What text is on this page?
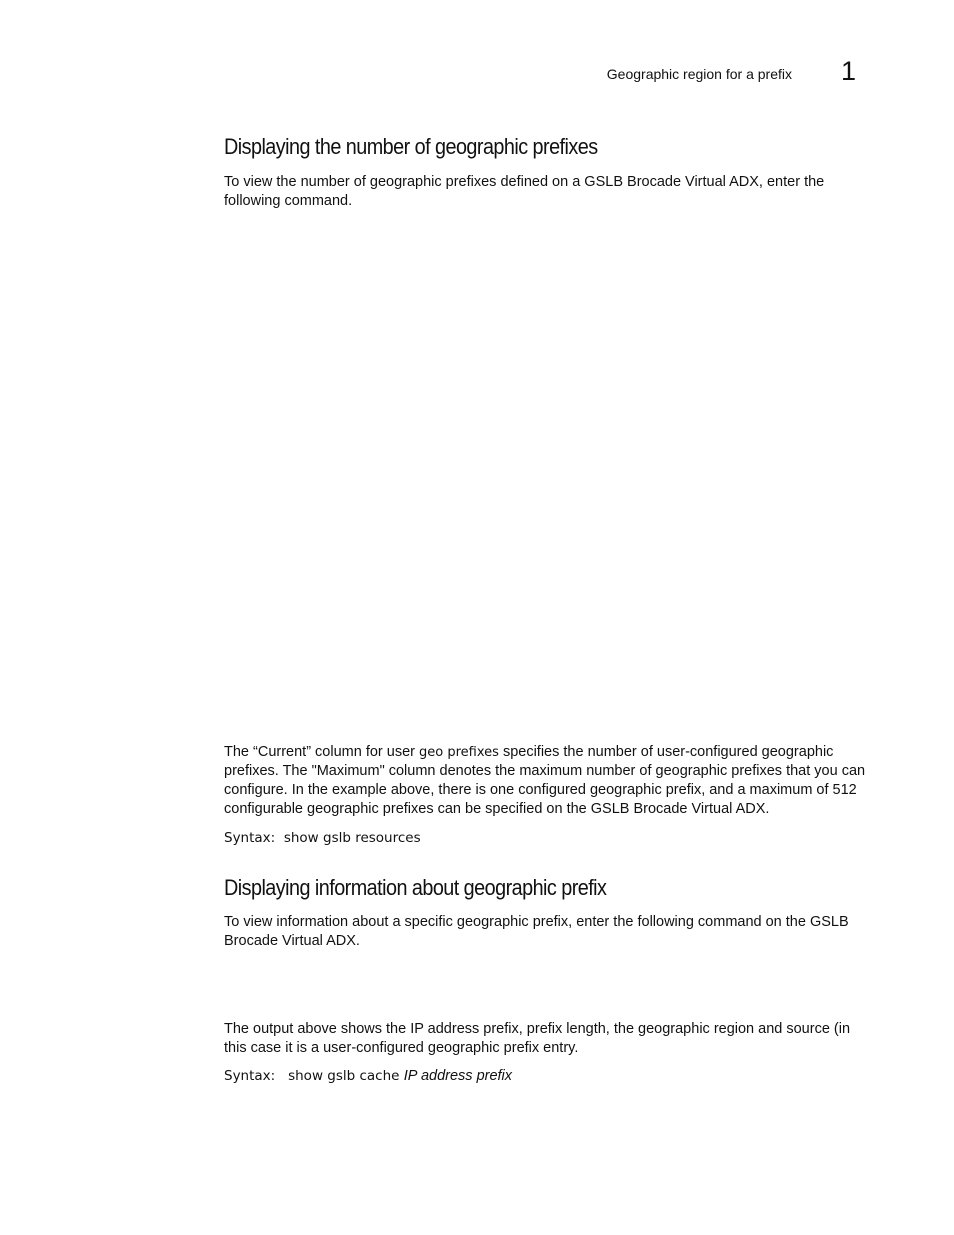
Geographic region for a prefix 1
Displaying the number of geographic prefixes

To view the number of geographic prefixes defined on a GSLB Brocade Virtual ADX, enter the following command.

The “Current” column for user geo prefixes specifies the number of user-configured geographic prefixes. The "Maximum" column denotes the maximum number of geographic prefixes that you can configure. In the example above, there is one configured geographic prefix, and a maximum of 512 configurable geographic prefixes can be specified on the GSLB Brocade Virtual ADX.

Syntax: show gslb resources

Displaying information about geographic prefix

To view information about a specific geographic prefix, enter the following command on the GSLB Brocade Virtual ADX.

The output above shows the IP address prefix, prefix length, the geographic region and source (in this case it is a user-configured geographic prefix entry.

Syntax: show gslb cache IP address prefix
